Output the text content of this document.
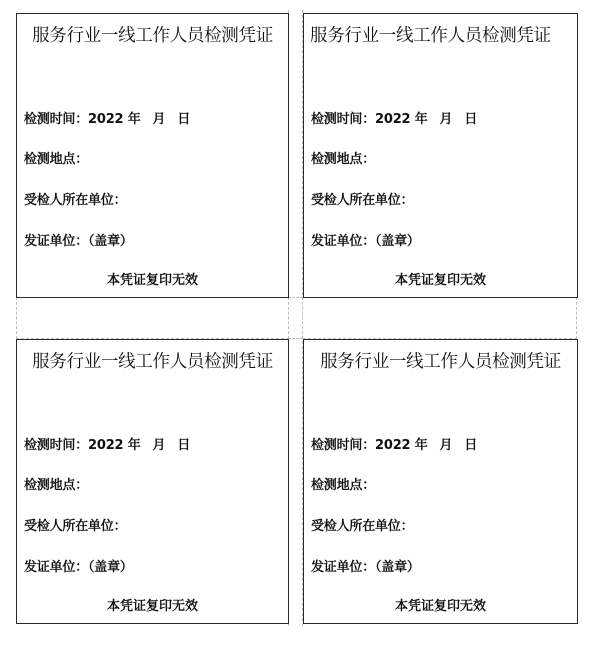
服务行业一线工作人员检测凭证
检测时间：2022 年 月 日
检测地点：
受检人所在单位：
发证单位：（盖章）
本凭证复印无效
服务行业一线工作人员检测凭证
检测时间：2022 年 月 日
检测地点：
受检人所在单位：
发证单位：（盖章）
本凭证复印无效
服务行业一线工作人员检测凭证
检测时间：2022 年 月 日
检测地点：
受检人所在单位：
发证单位：（盖章）
本凭证复印无效
服务行业一线工作人员检测凭证
检测时间：2022 年 月 日
检测地点：
受检人所在单位：
发证单位：（盖章）
本凭证复印无效
